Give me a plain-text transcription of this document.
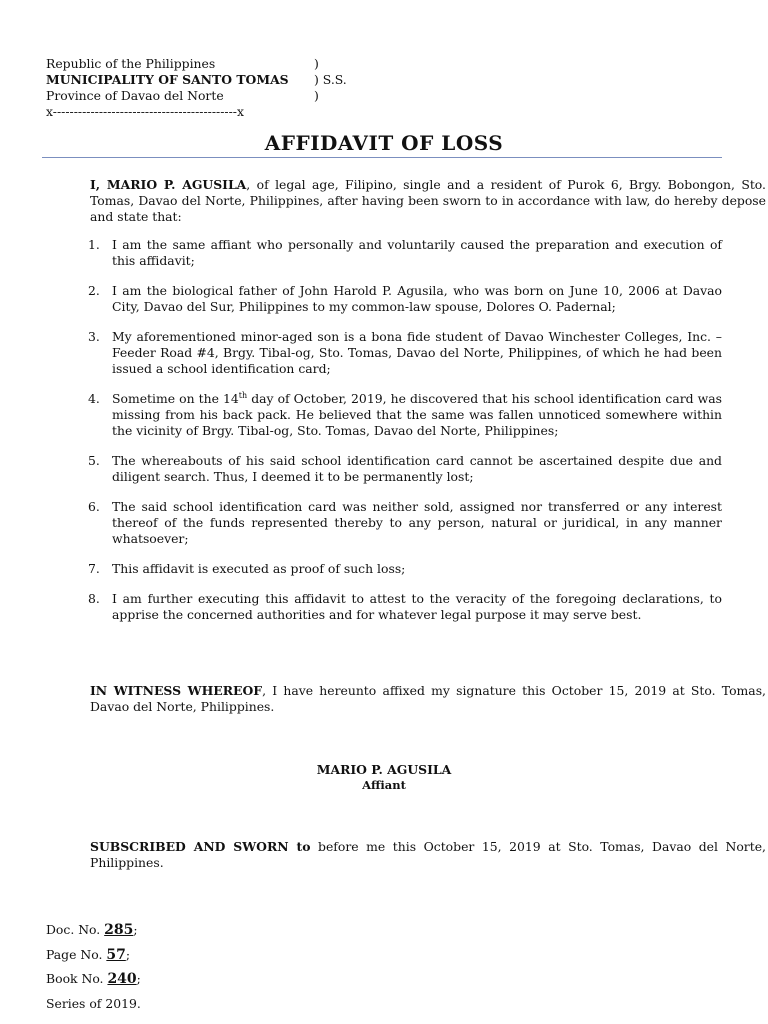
Republic of the Philippines	)
MUNICIPALITY OF SANTO TOMAS	) S.S.
Province of Davao del Norte	)
x--------------------------------------------x
AFFIDAVIT OF LOSS
I, MARIO P. AGUSILA, of legal age, Filipino, single and a resident of Purok 6, Brgy. Bobongon, Sto. Tomas, Davao del Norte, Philippines, after having been sworn to in accordance with law, do hereby depose and state that:
1. I am the same affiant who personally and voluntarily caused the preparation and execution of this affidavit;
2. I am the biological father of John Harold P. Agusila, who was born on June 10, 2006 at Davao City, Davao del Sur, Philippines to my common-law spouse, Dolores O. Padernal;
3. My aforementioned minor-aged son is a bona fide student of Davao Winchester Colleges, Inc. – Feeder Road #4, Brgy. Tibal-og, Sto. Tomas, Davao del Norte, Philippines, of which he had been issued a school identification card;
4. Sometime on the 14th day of October, 2019, he discovered that his school identification card was missing from his back pack. He believed that the same was fallen unnoticed somewhere within the vicinity of Brgy. Tibal-og, Sto. Tomas, Davao del Norte, Philippines;
5. The whereabouts of his said school identification card cannot be ascertained despite due and diligent search. Thus, I deemed it to be permanently lost;
6. The said school identification card was neither sold, assigned nor transferred or any interest thereof of the funds represented thereby to any person, natural or juridical, in any manner whatsoever;
7. This affidavit is executed as proof of such loss;
8. I am further executing this affidavit to attest to the veracity of the foregoing declarations, to apprise the concerned authorities and for whatever legal purpose it may serve best.
IN WITNESS WHEREOF, I have hereunto affixed my signature this October 15, 2019 at Sto. Tomas, Davao del Norte, Philippines.
MARIO P. AGUSILA
Affiant
SUBSCRIBED AND SWORN to before me this October 15, 2019 at Sto. Tomas, Davao del Norte, Philippines.
Doc. No. 285;
Page No. 57;
Book No. 240;
Series of 2019.
